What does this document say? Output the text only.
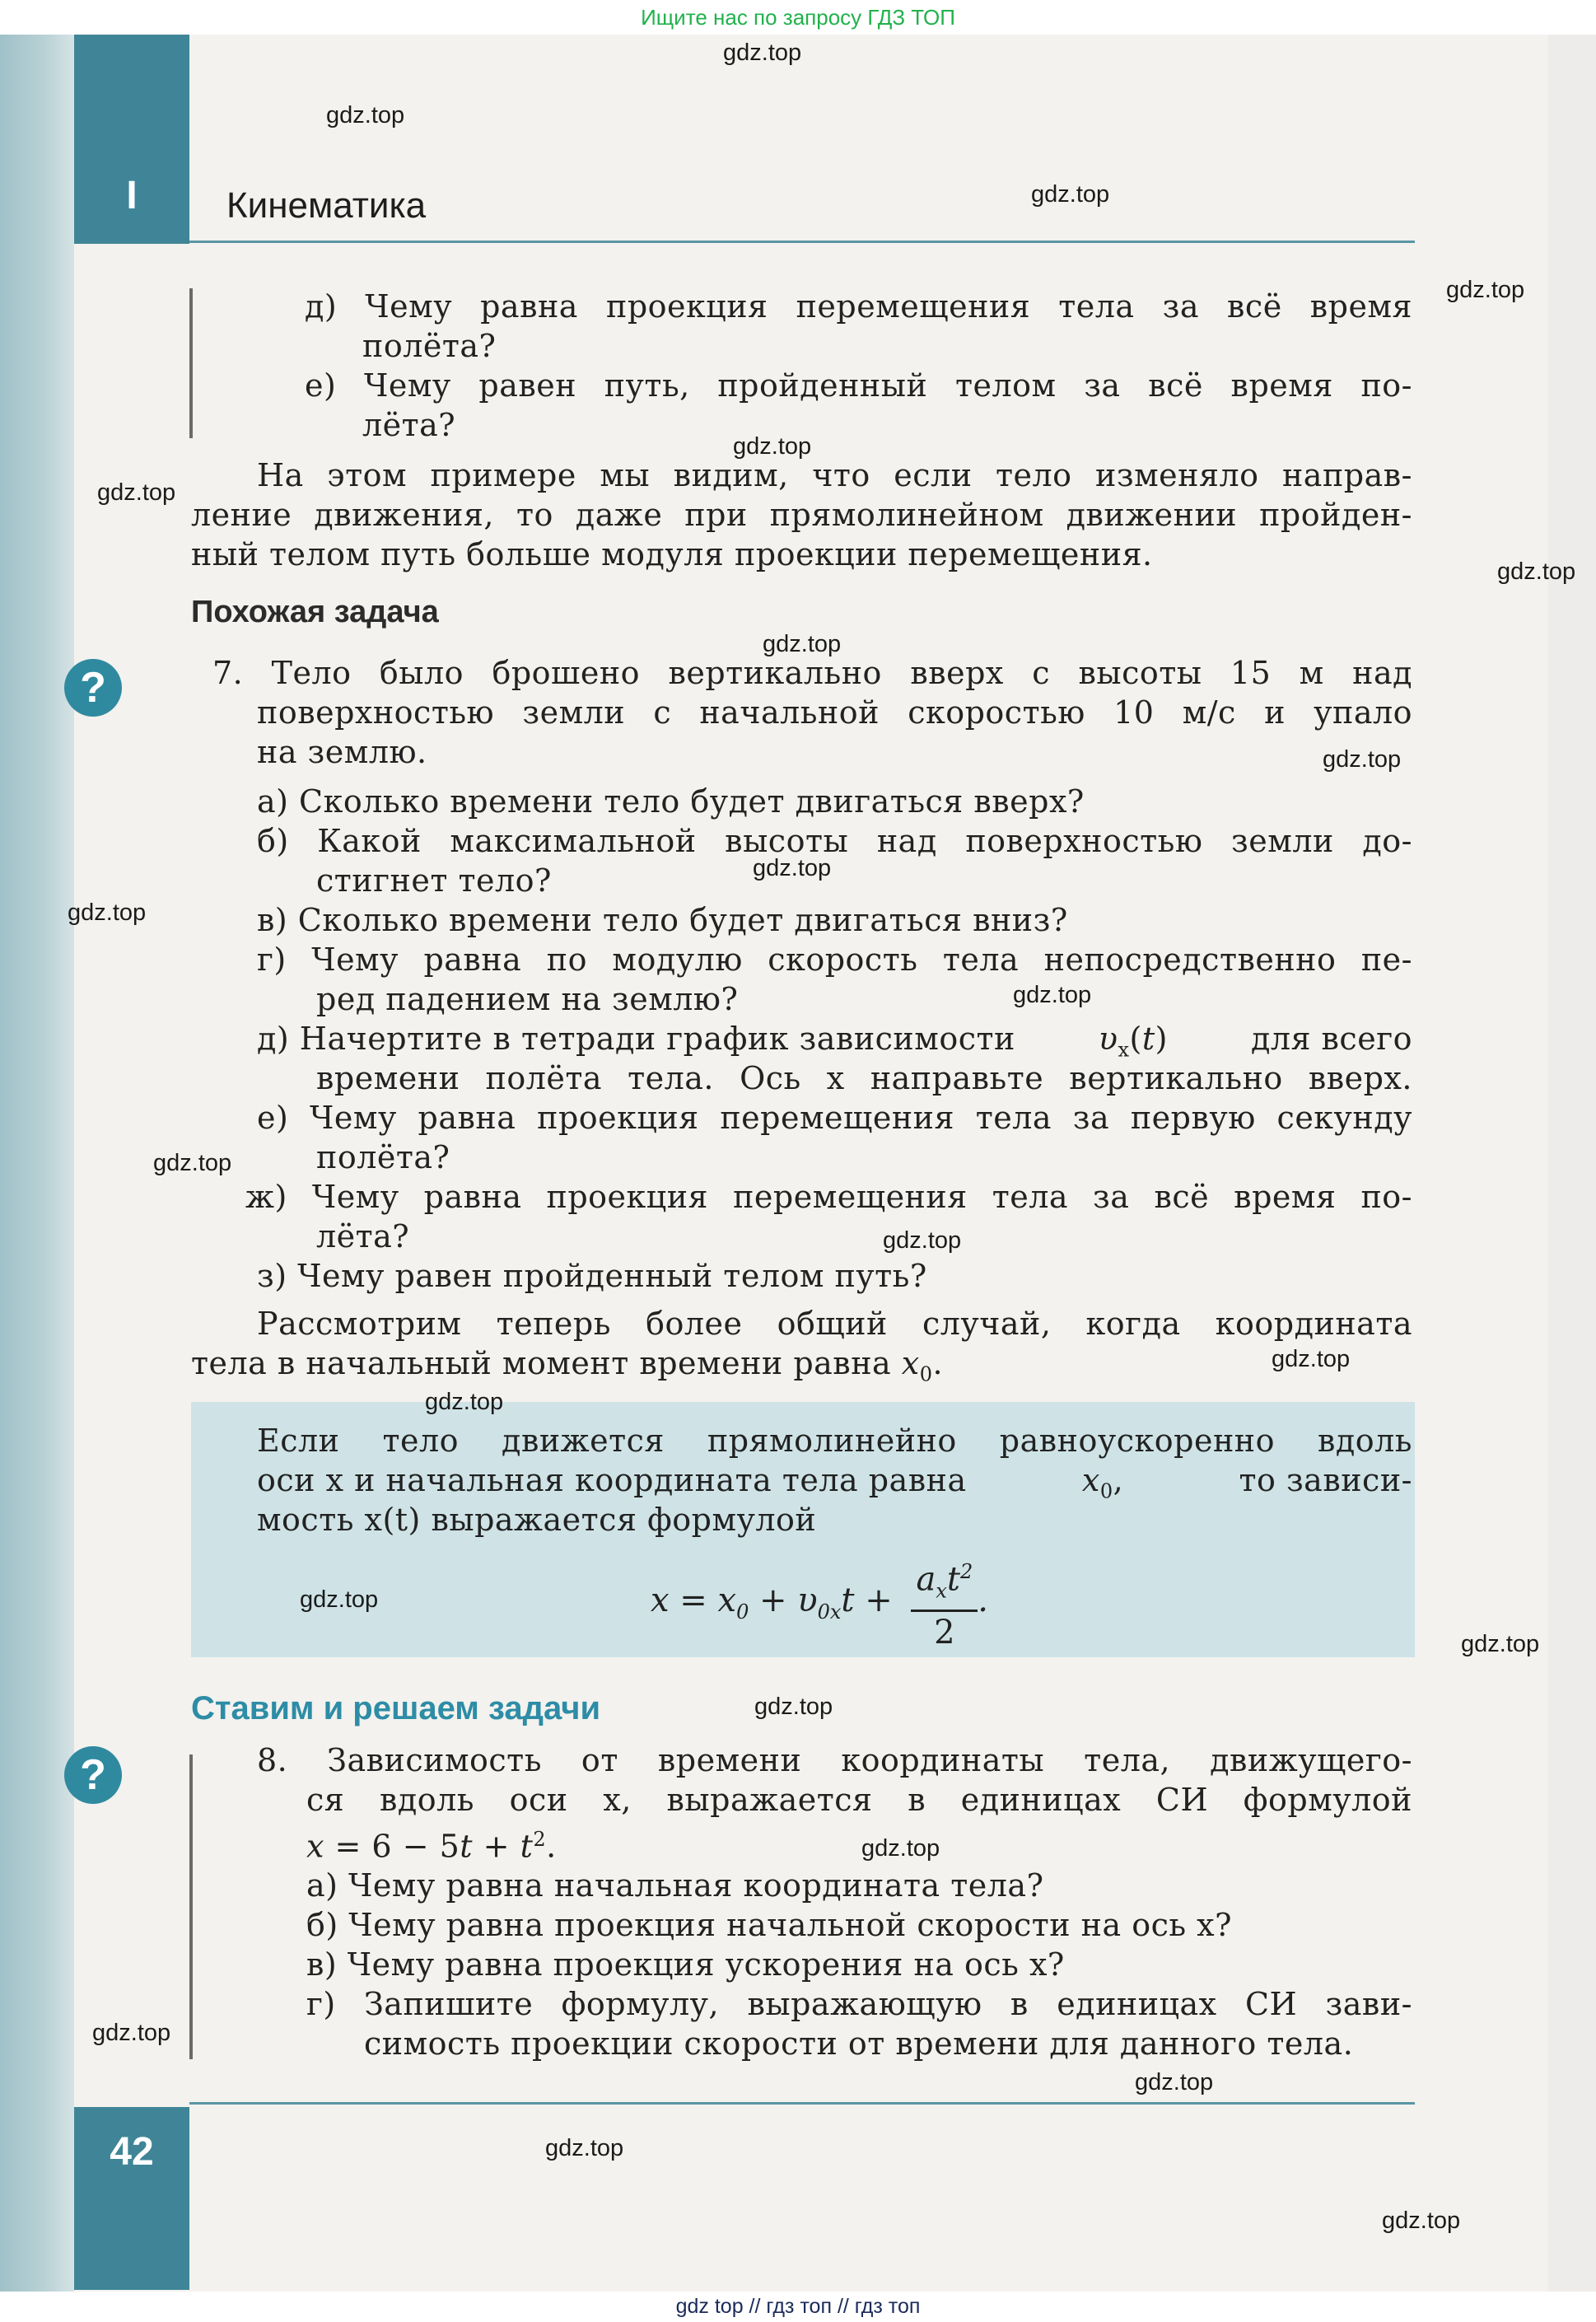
Ищите нас по запросу ГДЗ ТОП
I	Кинематика
д) Чему равна проекция перемещения тела за всё время
полёта?
е) Чему равен путь, пройденный телом за всё время по-
лёта?
На этом примере мы видим, что если тело изменяло направ-
ление движения, то даже при прямолинейном движении пройден-
ный телом путь больше модуля проекции перемещения.
Похожая задача
?	7. Тело было брошено вертикально вверх с высоты 15 м над
поверхностью земли с начальной скоростью 10 м/с и упало
на землю.
а) Сколько времени тело будет двигаться вверх?
б) Какой максимальной высоты над поверхностью земли до-
стигнет тело?
в) Сколько времени тело будет двигаться вниз?
г) Чему равна по модулю скорость тела непосредственно пе-
ред падением на землю?
д) Начертите в тетради график зависимости	$\upsilon_x(t)$	для всего
времени полёта тела. Ось x направьте вертикально вверх.
е) Чему равна проекция перемещения тела за первую секунду
полёта?
ж) Чему равна проекция перемещения тела за всё время по-
лёта?
з) Чему равен пройденный телом путь?
Рассмотрим теперь более общий случай, когда координата
тела в начальный момент времени равна $x_0$.
Если тело движется прямолинейно равноускоренно вдоль
оси x и начальная координата тела равна	$x_0$,	то зависи-
мость x(t) выражается формулой
$x = x_0 + \upsilon_{0x}t + \frac{a_xt^2}{2}$ .
Ставим и решаем задачи
?	8. Зависимость от времени координаты тела, движущего-
ся вдоль оси x, выражается в единицах СИ формулой
$x = 6 - 5t + t^2$.
а) Чему равна начальная координата тела?
б) Чему равна проекция начальной скорости на ось x?
в) Чему равна проекция ускорения на ось x?
г) Запишите формулу, выражающую в единицах СИ зави-
симость проекции скорости от времени для данного тела.
42
gdz.top
gdz.top
gdz.top
gdz.top
gdz.top
gdz.top
gdz.top
gdz.top
gdz.top
gdz.top
gdz.top
gdz.top
gdz.top
gdz.top
gdz.top
gdz.top
gdz.top
gdz.top
gdz.top
gdz.top
gdz.top
gdz.top
gdz.top
gdz.top
gdz top // гдз топ // гдз топ
